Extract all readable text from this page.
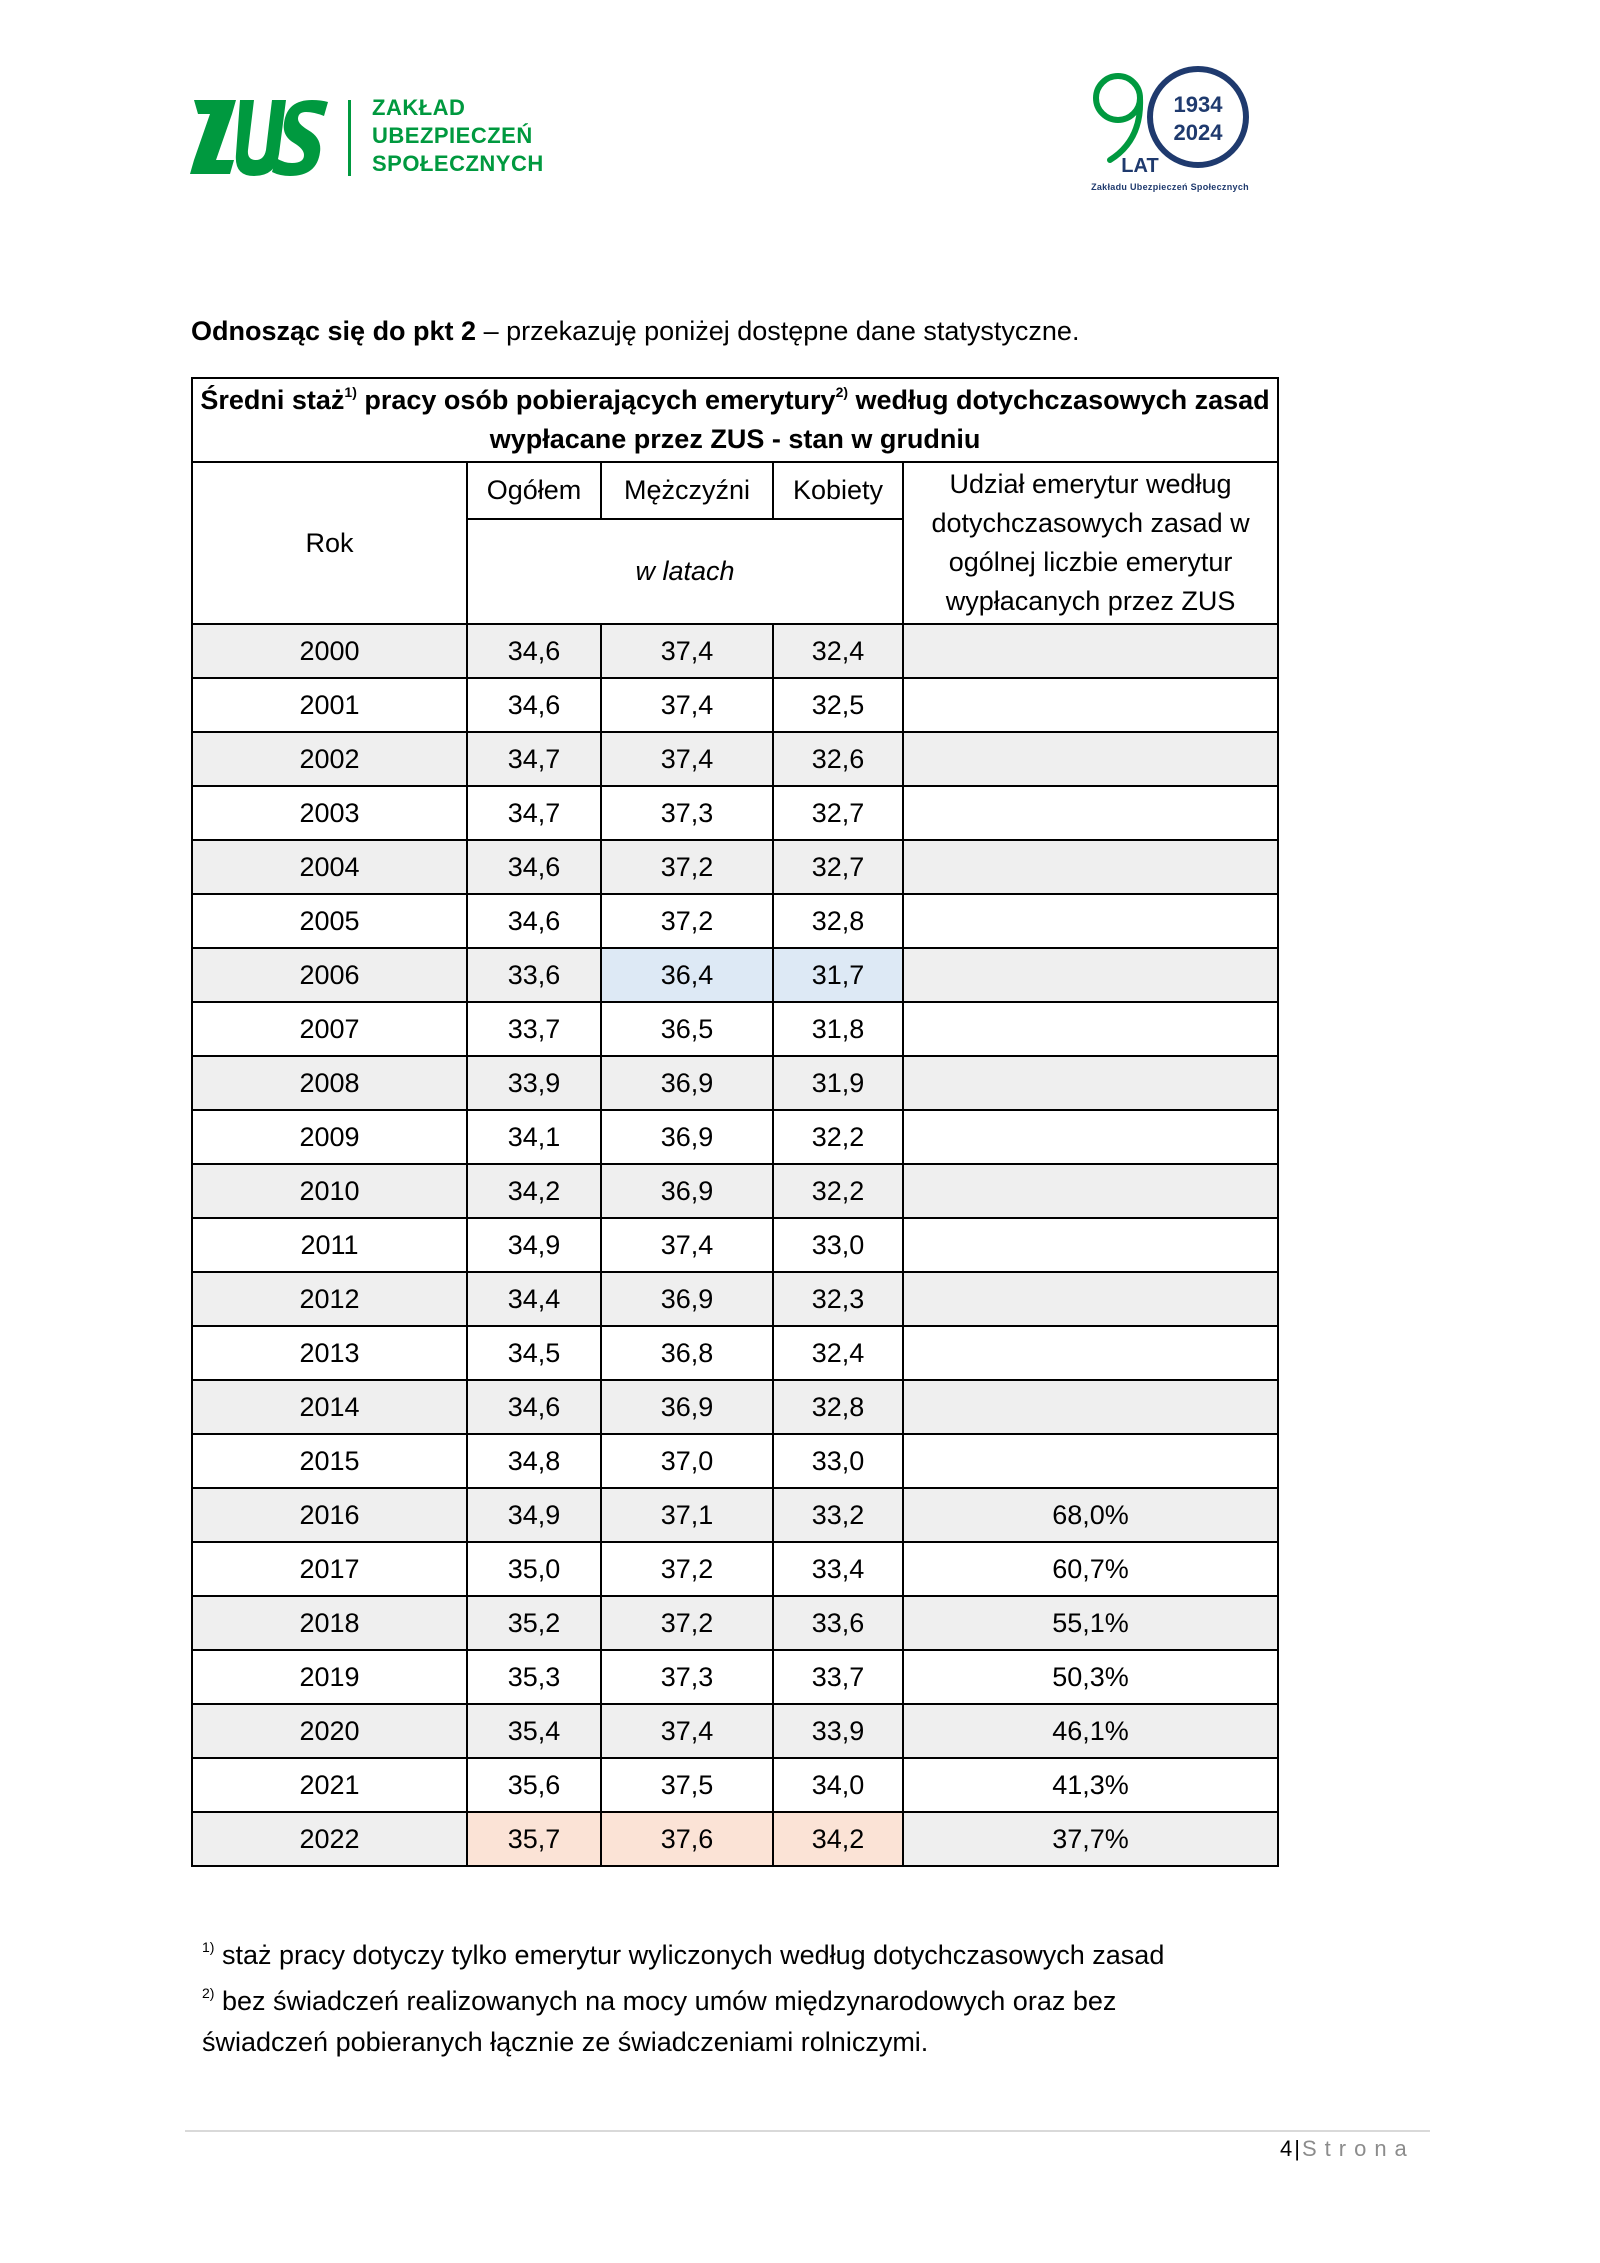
ZAKŁAD
UBEZPIECZEŃ
SPOŁECZNYCH
1934
2024
LAT
Zakładu Ubezpieczeń Społecznych
Odnosząc się do pkt 2 – przekazuję poniżej dostępne dane statystyczne.
Średni staż$^{1)}$ pracy osób pobierających emerytury$^{2)}$ według dotychczasowych zasad wypłacane przez ZUS - stan w grudniu				
Rok	Ogółem	Mężczyźni	Kobiety	Udział emerytur według dotychczasowych zasad w ogólnej liczbie emerytur wypłacanych przez ZUS
	w latach			
2000	34,6	37,4	32,4	
2001	34,6	37,4	32,5	
2002	34,7	37,4	32,6	
2003	34,7	37,3	32,7	
2004	34,6	37,2	32,7	
2005	34,6	37,2	32,8	
2006	33,6	36,4	31,7	
2007	33,7	36,5	31,8	
2008	33,9	36,9	31,9	
2009	34,1	36,9	32,2	
2010	34,2	36,9	32,2	
2011	34,9	37,4	33,0	
2012	34,4	36,9	32,3	
2013	34,5	36,8	32,4	
2014	34,6	36,9	32,8	
2015	34,8	37,0	33,0	
2016	34,9	37,1	33,2	68,0%
2017	35,0	37,2	33,4	60,7%
2018	35,2	37,2	33,6	55,1%
2019	35,3	37,3	33,7	50,3%
2020	35,4	37,4	33,9	46,1%
2021	35,6	37,5	34,0	41,3%
2022	35,7	37,6	34,2	37,7%
$^{1)}$ staż pracy dotyczy tylko emerytur wyliczonych według dotychczasowych zasad
$^{2)}$ bez świadczeń realizowanych na mocy umów międzynarodowych oraz bez
świadczeń pobieranych łącznie ze świadczeniami rolniczymi.
4|Strona
